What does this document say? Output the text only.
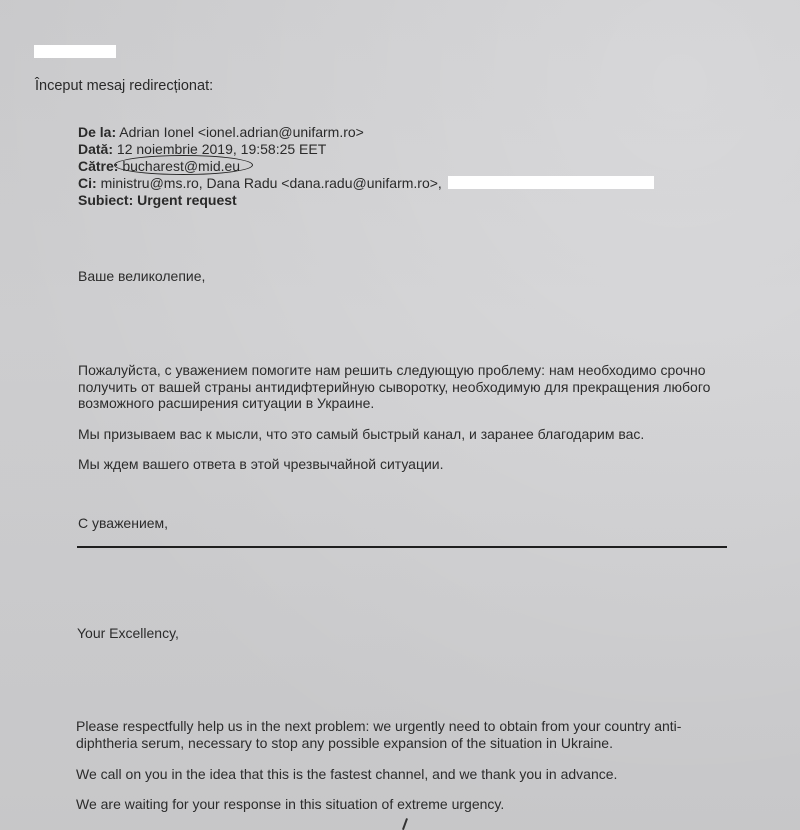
Început mesaj redirecționat:
De la: Adrian Ionel <ionel.adrian@unifarm.ro>
Dată: 12 noiembrie 2019, 19:58:25 EET
Către: bucharest@mid.eu
Ci: ministru@ms.ro, Dana Radu <dana.radu@unifarm.ro>,
Subiect: Urgent request
Ваше великолепие,
Пожалуйста, с уважением помогите нам решить следующую проблему: нам необходимо срочно
получить от вашей страны антидифтерийную сыворотку, необходимую для прекращения любого
возможного расширения ситуации в Украине.
Мы призываем вас к мысли, что это самый быстрый канал, и заранее благодарим вас.
Мы ждем вашего ответа в этой чрезвычайной ситуации.
С уважением,
Your Excellency,
Please respectfully help us in the next problem: we urgently need to obtain from your country anti-
diphtheria serum, necessary to stop any possible expansion of the situation in Ukraine.
We call on you in the idea that this is the fastest channel, and we thank you in advance.
We are waiting for your response in this situation of extreme urgency.
